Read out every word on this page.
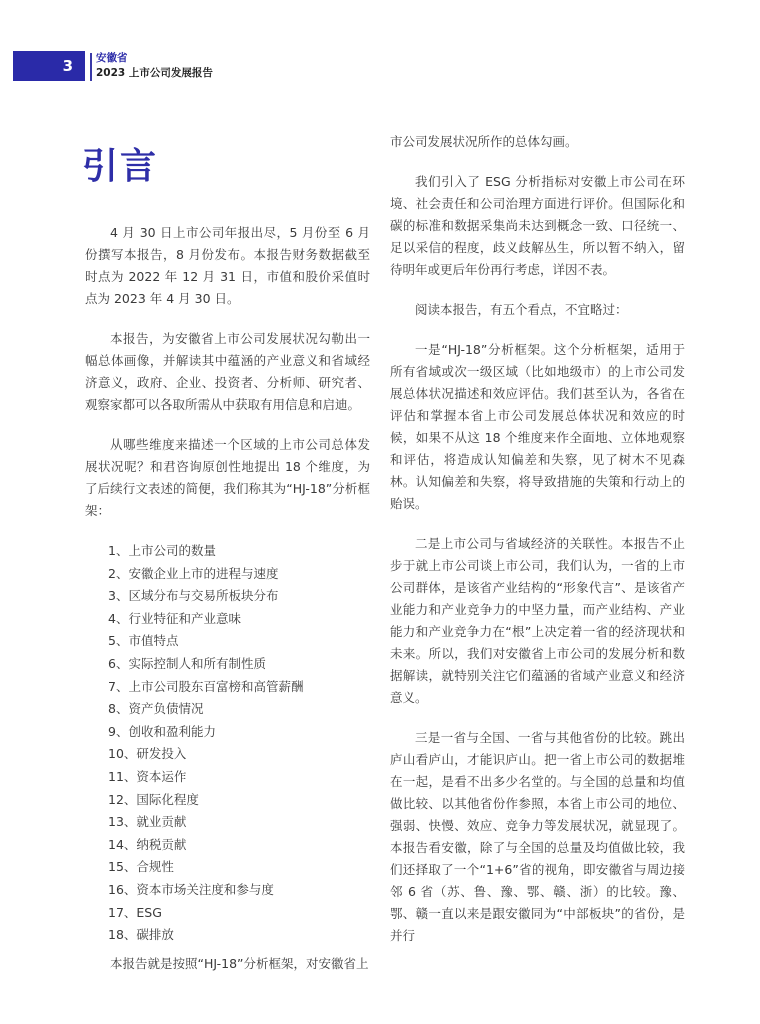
3 安徽省
2023 上市公司发展报告
引言

4 月 30 日上市公司年报出尽，5 月份至 6 月份撰写本报告，8 月份发布。本报告财务数据截至时点为 2022 年 12 月 31 日，市值和股价采值时点为 2023 年 4 月 30 日。

本报告，为安徽省上市公司发展状况勾勒出一幅总体画像，并解读其中蕴涵的产业意义和省域经济意义，政府、企业、投资者、分析师、研究者、观察家都可以各取所需从中获取有用信息和启迪。

从哪些维度来描述一个区域的上市公司总体发展状况呢？和君咨询原创性地提出 18 个维度，为了后续行文表述的简便，我们称其为“HJ-18”分析框架：

1、上市公司的数量
2、安徽企业上市的进程与速度
3、区域分布与交易所板块分布
4、行业特征和产业意味
5、市值特点
6、实际控制人和所有制性质
7、上市公司股东百富榜和高管薪酬
8、资产负债情况
9、创收和盈利能力
10、研发投入
11、资本运作
12、国际化程度
13、就业贡献
14、纳税贡献
15、合规性
16、资本市场关注度和参与度
17、ESG
18、碳排放

本报告就是按照“HJ-18”分析框架，对安徽省上

市公司发展状况所作的总体勾画。

我们引入了 ESG 分析指标对安徽上市公司在环境、社会责任和公司治理方面进行评价。但国际化和碳的标准和数据采集尚未达到概念一致、口径统一、足以采信的程度，歧义歧解丛生，所以暂不纳入，留待明年或更后年份再行考虑，详因不表。

阅读本报告，有五个看点，不宜略过：

一是“HJ-18”分析框架。这个分析框架，适用于所有省域或次一级区域（比如地级市）的上市公司发展总体状况描述和效应评估。我们甚至认为，各省在评估和掌握本省上市公司发展总体状况和效应的时候，如果不从这 18 个维度来作全面地、立体地观察和评估，将造成认知偏差和失察，见了树木不见森林。认知偏差和失察，将导致措施的失策和行动上的贻误。

二是上市公司与省域经济的关联性。本报告不止步于就上市公司谈上市公司，我们认为，一省的上市公司群体，是该省产业结构的“形象代言”、是该省产业能力和产业竞争力的中坚力量，而产业结构、产业能力和产业竞争力在“根”上决定着一省的经济现状和未来。所以，我们对安徽省上市公司的发展分析和数据解读，就特别关注它们蕴涵的省域产业意义和经济意义。

三是一省与全国、一省与其他省份的比较。跳出庐山看庐山，才能识庐山。把一省上市公司的数据堆在一起，是看不出多少名堂的。与全国的总量和均值做比较、以其他省份作参照，本省上市公司的地位、强弱、快慢、效应、竞争力等发展状况，就显现了。本报告看安徽，除了与全国的总量及均值做比较，我们还择取了一个“1+6”省的视角，即安徽省与周边接邻 6 省（苏、鲁、豫、鄂、赣、浙）的比较。豫、鄂、赣一直以来是跟安徽同为“中部板块”的省份，是并行
